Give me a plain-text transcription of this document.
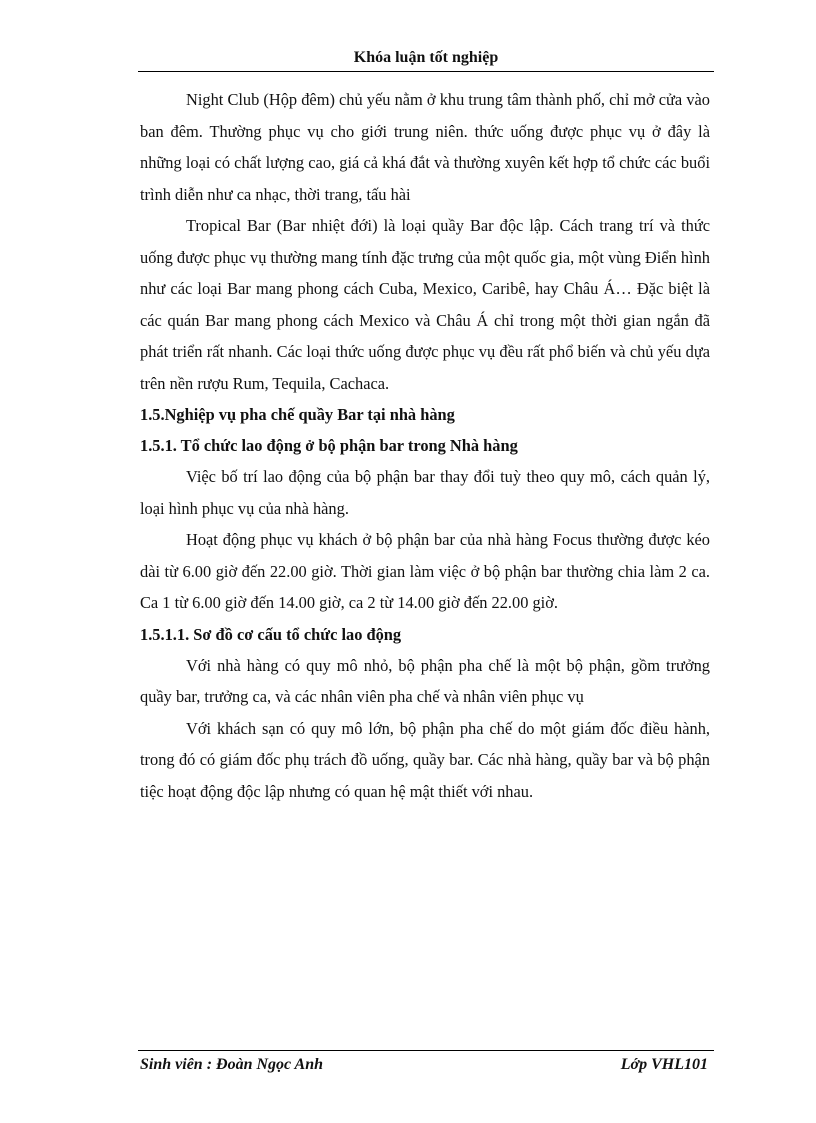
Khóa luận tốt nghiệp

Night Club (Hộp đêm) chủ yếu nằm ở khu trung tâm thành phố, chỉ mở cửa vào ban đêm. Thường phục vụ cho giới trung niên. thức uống được phục vụ ở đây là những loại có chất lượng cao, giá cả khá đắt và thường xuyên kết hợp tổ chức các buổi trình diễn như ca nhạc, thời trang, tấu hài

Tropical Bar (Bar nhiệt đới) là loại quầy Bar độc lập. Cách trang trí và thức uống được phục vụ thường mang tính đặc trưng của một quốc gia, một vùng Điển hình như các loại Bar mang phong cách Cuba, Mexico, Caribê, hay Châu Á… Đặc biệt là các quán Bar mang phong cách Mexico và Châu Á chỉ trong một thời gian ngắn đã phát triển rất nhanh. Các loại thức uống được phục vụ đều rất phổ biến và chủ yếu dựa trên nền rượu Rum, Tequila, Cachaca.

1.5.Nghiệp vụ pha chế quầy Bar tại nhà hàng

1.5.1. Tổ chức lao động ở bộ phận bar trong Nhà hàng

Việc bố trí lao động của bộ phận bar thay đổi tuỳ theo quy mô, cách quản lý, loại hình phục vụ của nhà hàng.

Hoạt động phục vụ khách ở bộ phận bar của nhà hàng Focus thường được kéo dài từ 6.00 giờ đến 22.00 giờ. Thời gian làm việc ở bộ phận bar thường chia làm 2 ca. Ca 1 từ 6.00 giờ đến 14.00 giờ, ca 2 từ 14.00 giờ đến 22.00 giờ.

1.5.1.1. Sơ đồ cơ cấu tổ chức lao động

Với nhà hàng có quy mô nhỏ, bộ phận pha chế là một bộ phận, gồm trưởng quầy bar, trưởng ca, và các nhân viên pha chế và nhân viên phục vụ

Với khách sạn có quy mô lớn, bộ phận pha chế do một giám đốc điều hành, trong đó có giám đốc phụ trách đồ uống, quầy bar. Các nhà hàng, quầy bar và bộ phận tiệc hoạt động độc lập nhưng có quan hệ mật thiết với nhau.

Sinh viên : Đoàn Ngọc Anh	Lớp VHL101
